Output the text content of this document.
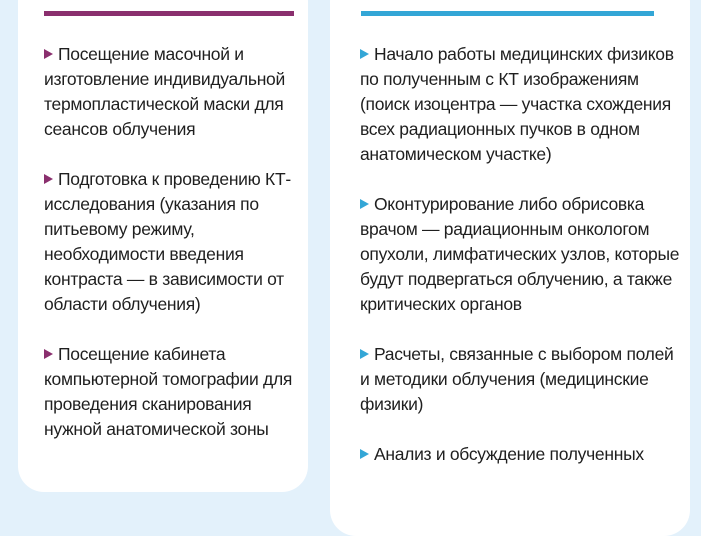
Посещение масочной и изготовление индивидуальной термопластической маски для сеансов облучения
Подготовка к проведению КТ-исследования (указания по питьевому режиму, необходимости введения контраста — в зависимости от области облучения)
Посещение кабинета компьютерной томографии для проведения сканирования нужной анатомической зоны
Начало работы медицинских физиков по полученным с КТ изображениям (поиск изоцентра — участка схождения всех радиационных пучков в одном анатомическом участке)
Оконтурирование либо обрисовка врачом — радиационным онкологом опухоли, лимфатических узлов, которые будут подвергаться облучению, а также критических органов
Расчеты, связанные с выбором полей и методики облучения (медицинские физики)
Анализ и обсуждение полученных
